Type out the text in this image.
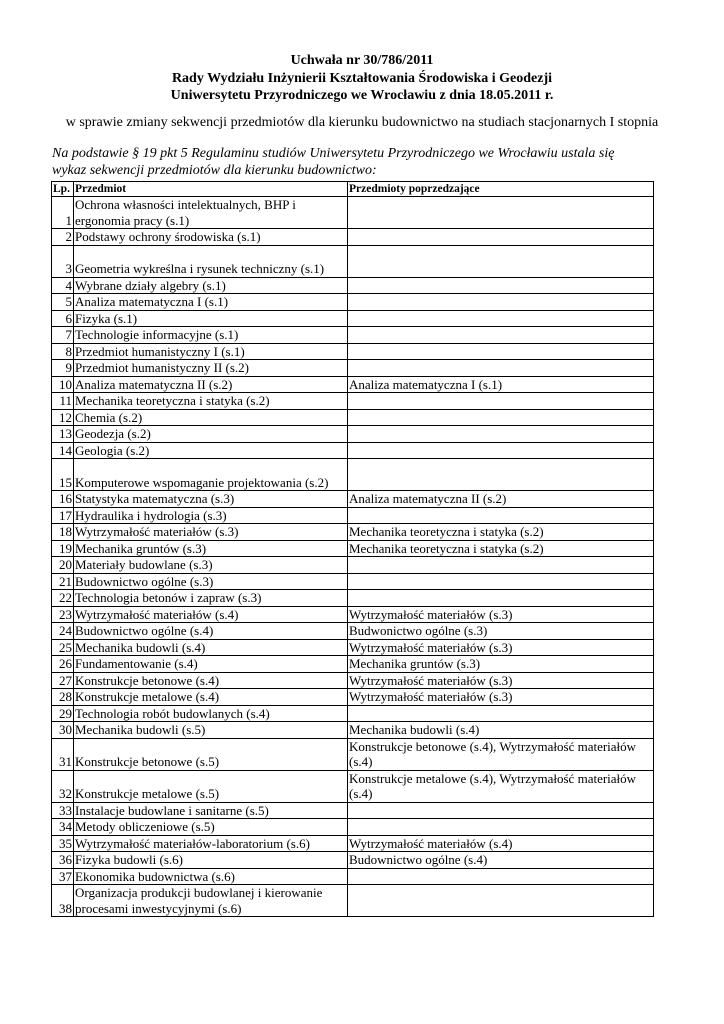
Uchwała nr 30/786/2011
Rady Wydziału Inżynierii Kształtowania Środowiska i Geodezji
Uniwersytetu Przyrodniczego we Wrocławiu z dnia 18.05.2011 r.
w sprawie zmiany sekwencji przedmiotów dla kierunku budownictwo na studiach stacjonarnych I stopnia
Na podstawie § 19 pkt 5 Regulaminu studiów Uniwersytetu Przyrodniczego we Wrocławiu ustala się
wykaz sekwencji przedmiotów dla kierunku budownictwo:
Lp.	Przedmiot	Przedmioty poprzedzające
1	Ochrona własności intelektualnych, BHP i ergonomia pracy (s.1)	
2	Podstawy ochrony środowiska (s.1)	
3	Geometria wykreślna i rysunek techniczny (s.1)	
4	Wybrane działy algebry (s.1)	
5	Analiza matematyczna I (s.1)	
6	Fizyka (s.1)	
7	Technologie informacyjne (s.1)	
8	Przedmiot humanistyczny I (s.1)	
9	Przedmiot humanistyczny II (s.2)	
10	Analiza matematyczna II (s.2)	Analiza matematyczna I (s.1)
11	Mechanika teoretyczna i statyka (s.2)	
12	Chemia (s.2)	
13	Geodezja (s.2)	
14	Geologia (s.2)	
15	Komputerowe wspomaganie projektowania (s.2)	
16	Statystyka matematyczna (s.3)	Analiza matematyczna II (s.2)
17	Hydraulika i hydrologia (s.3)	
18	Wytrzymałość materiałów (s.3)	Mechanika teoretyczna i statyka (s.2)
19	Mechanika gruntów (s.3)	Mechanika teoretyczna i statyka (s.2)
20	Materiały budowlane (s.3)	
21	Budownictwo ogólne (s.3)	
22	Technologia betonów i zapraw (s.3)	
23	Wytrzymałość materiałów (s.4)	Wytrzymałość materiałów (s.3)
24	Budownictwo ogólne (s.4)	Budwonictwo ogólne (s.3)
25	Mechanika budowli (s.4)	Wytrzymałość materiałów (s.3)
26	Fundamentowanie (s.4)	Mechanika gruntów (s.3)
27	Konstrukcje betonowe (s.4)	Wytrzymałość materiałów (s.3)
28	Konstrukcje metalowe (s.4)	Wytrzymałość materiałów (s.3)
29	Technologia robót budowlanych (s.4)	
30	Mechanika budowli (s.5)	Mechanika budowli (s.4)
31	Konstrukcje betonowe (s.5)	Konstrukcje betonowe (s.4), Wytrzymałość materiałów (s.4)
32	Konstrukcje metalowe (s.5)	Konstrukcje metalowe (s.4), Wytrzymałość materiałów (s.4)
33	Instalacje budowlane i sanitarne (s.5)	
34	Metody obliczeniowe (s.5)	
35	Wytrzymałość materiałów-laboratorium (s.6)	Wytrzymałość materiałów (s.4)
36	Fizyka budowli (s.6)	Budownictwo ogólne (s.4)
37	Ekonomika budownictwa (s.6)	
38	Organizacja produkcji budowlanej i kierowanie procesami inwestycyjnymi (s.6)	
